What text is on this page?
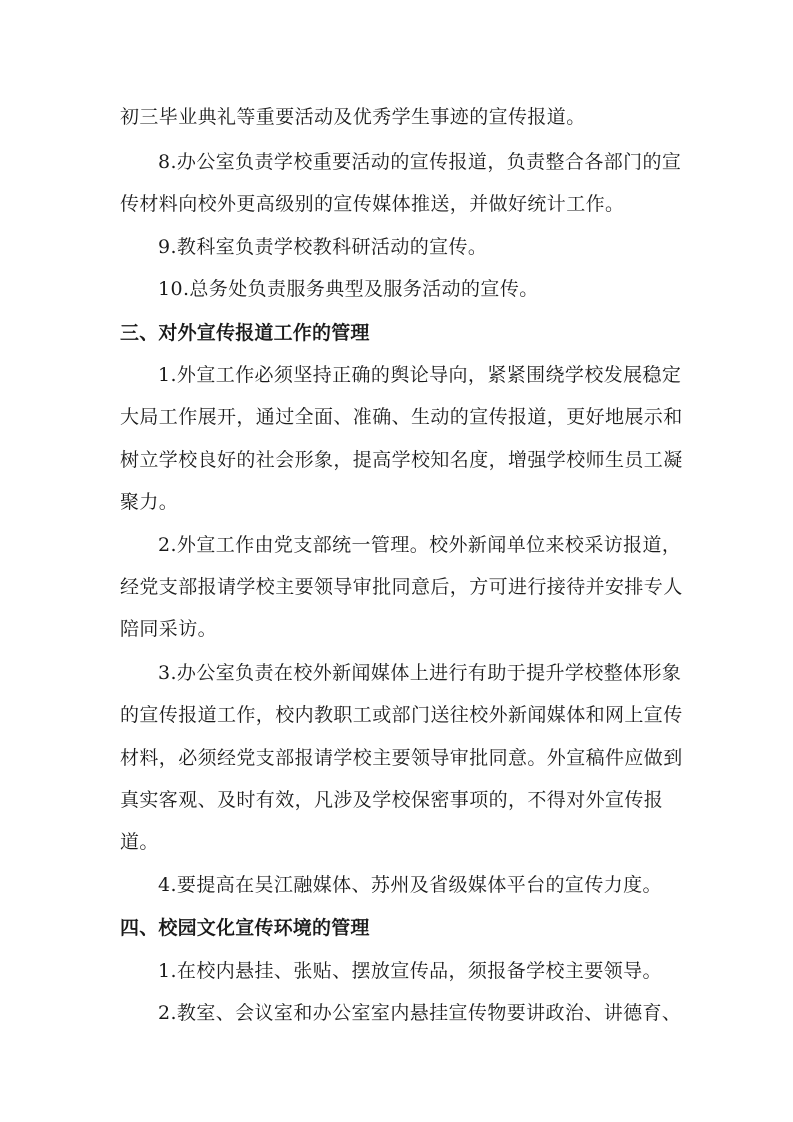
初三毕业典礼等重要活动及优秀学生事迹的宣传报道。
8.办公室负责学校重要活动的宣传报道，负责整合各部门的宣
传材料向校外更高级别的宣传媒体推送，并做好统计工作。
9.教科室负责学校教科研活动的宣传。
10.总务处负责服务典型及服务活动的宣传。
三、对外宣传报道工作的管理
1.外宣工作必须坚持正确的舆论导向，紧紧围绕学校发展稳定
大局工作展开，通过全面、准确、生动的宣传报道，更好地展示和
树立学校良好的社会形象，提高学校知名度，增强学校师生员工凝
聚力。
2.外宣工作由党支部统一管理。校外新闻单位来校采访报道，
经党支部报请学校主要领导审批同意后，方可进行接待并安排专人
陪同采访。
3.办公室负责在校外新闻媒体上进行有助于提升学校整体形象
的宣传报道工作，校内教职工或部门送往校外新闻媒体和网上宣传
材料，必须经党支部报请学校主要领导审批同意。外宣稿件应做到
真实客观、及时有效，凡涉及学校保密事项的，不得对外宣传报
道。
4.要提高在吴江融媒体、苏州及省级媒体平台的宣传力度。
四、校园文化宣传环境的管理
1.在校内悬挂、张贴、摆放宣传品，须报备学校主要领导。
2.教室、会议室和办公室室内悬挂宣传物要讲政治、讲德育、
